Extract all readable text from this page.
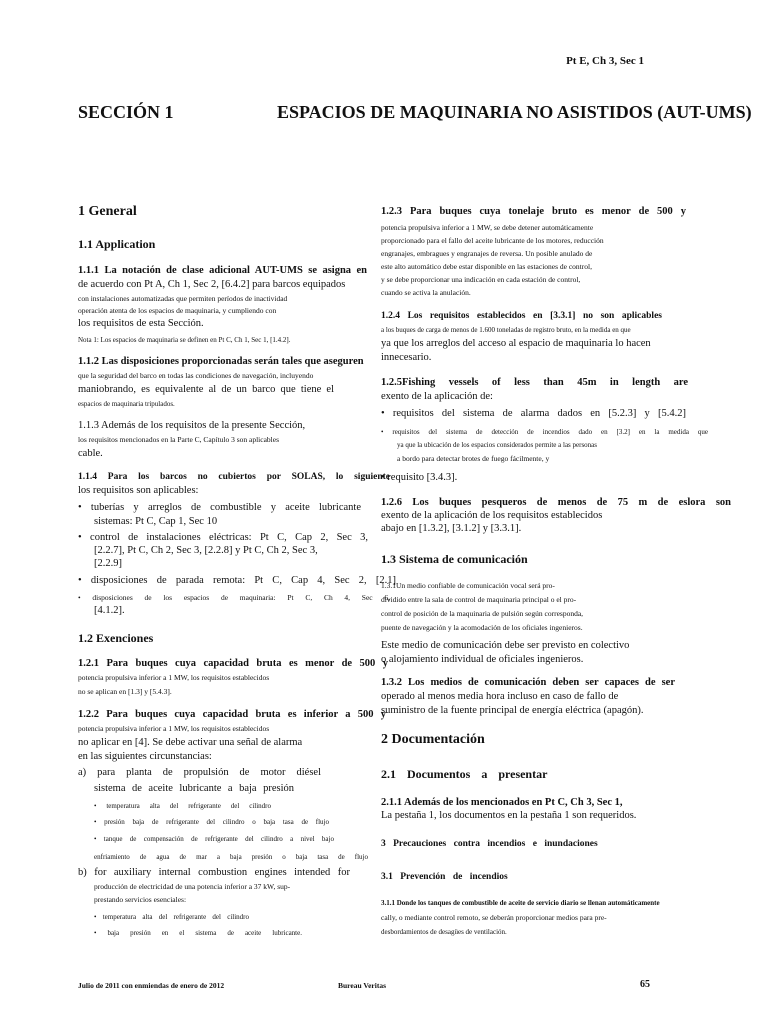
Pt E, Ch 3, Sec 1
SECCIÓN 1	ESPACIOS DE MAQUINARIA NO ASISTIDOS (AUT-UMS)
1 General
1.1 Application
1.1.1 La notación de clase adicional AUT-UMS se asigna en
de acuerdo con Pt A, Ch 1, Sec 2, [6.4.2] para barcos equipados
con instalaciones automatizadas que permiten períodos de inactividad
operación atenta de los espacios de maquinaria, y cumpliendo con
los requisitos de esta Sección.
Nota 1: Los espacios de maquinaria se definen en Pt C, Ch 1, Sec 1, [1.4.2].
1.1.2 Las disposiciones proporcionadas serán tales que aseguren
que la seguridad del barco en todas las condiciones de navegación, incluyendo
maniobrando, es equivalente al de un barco que tiene el
espacios de maquinaria tripulados.
1.1.3 Además de los requisitos de la presente Sección,
los requisitos mencionados en la Parte C, Capítulo 3 son aplicables
cable.
1.1.4 Para los barcos no cubiertos por SOLAS, lo siguiente
los requisitos son aplicables:
• tuberías y arreglos de combustible y aceite lubricante
sistemas: Pt C, Cap 1, Sec 10
• control de instalaciones eléctricas: Pt C, Cap 2, Sec 3,
[2.2.7], Pt C, Ch 2, Sec 3, [2.2.8] y Pt C, Ch 2, Sec 3,
[2.2.9]
• disposiciones de parada remota: Pt C, Cap 4, Sec 2, [2.1]
• disposiciones de los espacios de maquinaria: Pt C, Ch 4, Sec 6,
[4.1.2].
1.2 Exenciones
1.2.1 Para buques cuya capacidad bruta es menor de 500 y
potencia propulsiva inferior a 1 MW, los requisitos establecidos
no se aplican en [1.3] y [5.4.3].
1.2.2 Para buques cuya capacidad bruta es inferior a 500 y
potencia propulsiva inferior a 1 MW, los requisitos establecidos
no aplicar en [4]. Se debe activar una señal de alarma
en las siguientes circunstancias:
a) para planta de propulsión de motor diésel
sistema de aceite lubricante a baja presión
• temperatura alta del refrigerante del cilindro
• presión baja de refrigerante del cilindro o baja tasa de flujo
• tanque de compensación de refrigerante del cilindro a nivel bajo
enfriamiento de agua de mar a baja presión o baja tasa de flujo
b) for auxiliary internal combustion engines intended for
producción de electricidad de una potencia inferior a 37 kW, sup-
prestando servicios esenciales:
• temperatura alta del refrigerante del cilindro
• baja presión en el sistema de aceite lubricante.
1.2.3 Para buques cuya tonelaje bruto es menor de 500 y
potencia propulsiva inferior a 1 MW, se debe detener automáticamente
proporcionado para el fallo del aceite lubricante de los motores, reducción
engranajes, embragues y engranajes de reversa. Un posible anulado de
este alto automático debe estar disponible en las estaciones de control,
y se debe proporcionar una indicación en cada estación de control,
cuando se activa la anulación.
1.2.4 Los requisitos establecidos en [3.3.1] no son aplicables
a los buques de carga de menos de 1.600 toneladas de registro bruto, en la medida en que
ya que los arreglos del acceso al espacio de maquinaria lo hacen
innecesario.
1.2.5Fishing vessels of less than 45m in length are
exento de la aplicación de:
• requisitos del sistema de alarma dados en [5.2.3] y [5.4.2]
• requisitos del sistema de detección de incendios dado en [3.2] en la medida que
ya que la ubicación de los espacios considerados permite a las personas
a bordo para detectar brotes de fuego fácilmente, y
• requisito [3.4.3].
1.2.6 Los buques pesqueros de menos de 75 m de eslora son
exento de la aplicación de los requisitos establecidos
abajo en [1.3.2], [3.1.2] y [3.3.1].
1.3 Sistema de comunicación
1.3.1Un medio confiable de comunicación vocal será pro-
dividido entre la sala de control de maquinaria principal o el pro-
control de posición de la maquinaria de pulsión según corresponda,
puente de navegación y la acomodación de los oficiales ingenieros.
Este medio de comunicación debe ser previsto en colectivo
o alojamiento individual de oficiales ingenieros.
1.3.2 Los medios de comunicación deben ser capaces de ser
operado al menos media hora incluso en caso de fallo de
suministro de la fuente principal de energía eléctrica (apagón).
2 Documentación
2.1 Documentos a presentar
2.1.1 Además de los mencionados en Pt C, Ch 3, Sec 1,
La pestaña 1, los documentos en la pestaña 1 son requeridos.
3 Precauciones contra incendios e inundaciones
3.1 Prevención de incendios
3.1.1 Donde los tanques de combustible de aceite de servicio diario se llenan automáticamente
cally, o mediante control remoto, se deberán proporcionar medios para pre-
desbordamientos de desagües de ventilación.
Julio de 2011 con enmiendas de enero de 2012	Bureau Veritas	65
